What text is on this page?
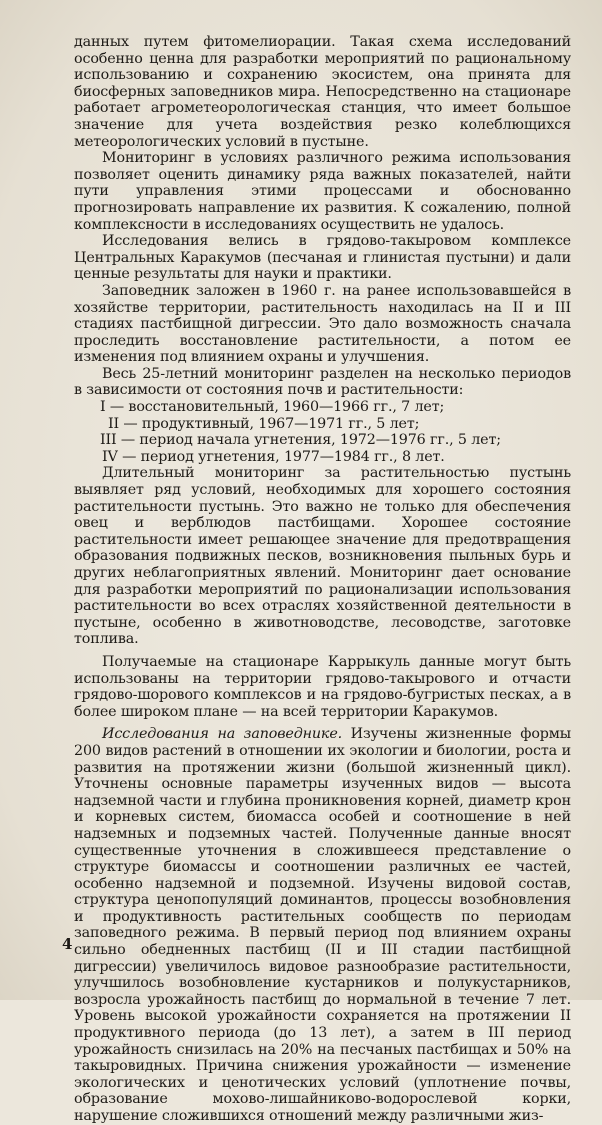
данных путем фитомелиорации. Такая схема исследований особенно ценна для разработки мероприятий по рациональному использованию и сохранению экосистем, она принята для биосферных заповедников мира. Непосредственно на стационаре работает агрометеорологическая станция, что имеет большое значение для учета воздействия резко колеблющихся метеорологических условий в пустыне.

Мониторинг в условиях различного режима использования позволяет оценить динамику ряда важных показателей, найти пути управления этими процессами и обоснованно прогнозировать направление их развития. К сожалению, полной комплексности в исследованиях осуществить не удалось.

Исследования велись в грядово-такыровом комплексе Центральных Каракумов (песчаная и глинистая пустыни) и дали ценные результаты для науки и практики.

Заповедник заложен в 1960 г. на ранее использовавшейся в хозяйстве территории, растительность находилась на II и III стадиях пастбищной дигрессии. Это дало возможность сначала проследить восстановление растительности, а потом ее изменения под влиянием охраны и улучшения.

Весь 25-летний мониторинг разделен на несколько периодов в зависимости от состояния почв и растительности:

I — восстановительный, 1960—1966 гг., 7 лет;
II — продуктивный, 1967—1971 гг., 5 лет;
III — период начала угнетения, 1972—1976 гг., 5 лет;
IV — период угнетения, 1977—1984 гг., 8 лет.

Длительный мониторинг за растительностью пустынь выявляет ряд условий, необходимых для хорошего состояния растительности пустынь. Это важно не только для обеспечения овец и верблюдов пастбищами. Хорошее состояние растительности имеет решающее значение для предотвращения образования подвижных песков, возникновения пыльных бурь и других неблагоприятных явлений. Мониторинг дает основание для разработки мероприятий по рационализации использования растительности во всех отраслях хозяйственной деятельности в пустыне, особенно в животноводстве, лесоводстве, заготовке топлива.

Получаемые на стационаре Каррыкуль данные могут быть использованы на территории грядово-такырового и отчасти грядово-шорового комплексов и на грядово-бугристых песках, а в более широком плане — на всей территории Каракумов.

Исследования на заповеднике. Изучены жизненные формы 200 видов растений в отношении их экологии и биологии, роста и развития на протяжении жизни (большой жизненный цикл). Уточнены основные параметры изученных видов — высота надземной части и глубина проникновения корней, диаметр крон и корневых систем, биомасса особей и соотношение в ней надземных и подземных частей. Полученные данные вносят существенные уточнения в сложившееся представление о структуре биомассы и соотношении различных ее частей, особенно надземной и подземной. Изучены видовой состав, структура ценопопуляций доминантов, процессы возобновления и продуктивность растительных сообществ по периодам заповедного режима. В первый период под влиянием охраны сильно обедненных пастбищ (II и III стадии пастбищной дигрессии) увеличилось видовое разнообразие растительности, улучшилось возобновление кустарников и полукустарников, возросла урожайность пастбищ до нормальной в течение 7 лет. Уровень высокой урожайности сохраняется на протяжении II продуктивного периода (до 13 лет), а затем в III период урожайность снизилась на 20% на песчаных пастбищах и 50% на такыровидных. Причина снижения урожайности — изменение экологических и ценотических условий (уплотнение почвы, образование мохово-лишайниково-водорослевой корки, нарушение сложившихся отношений между различными жиз-

4
